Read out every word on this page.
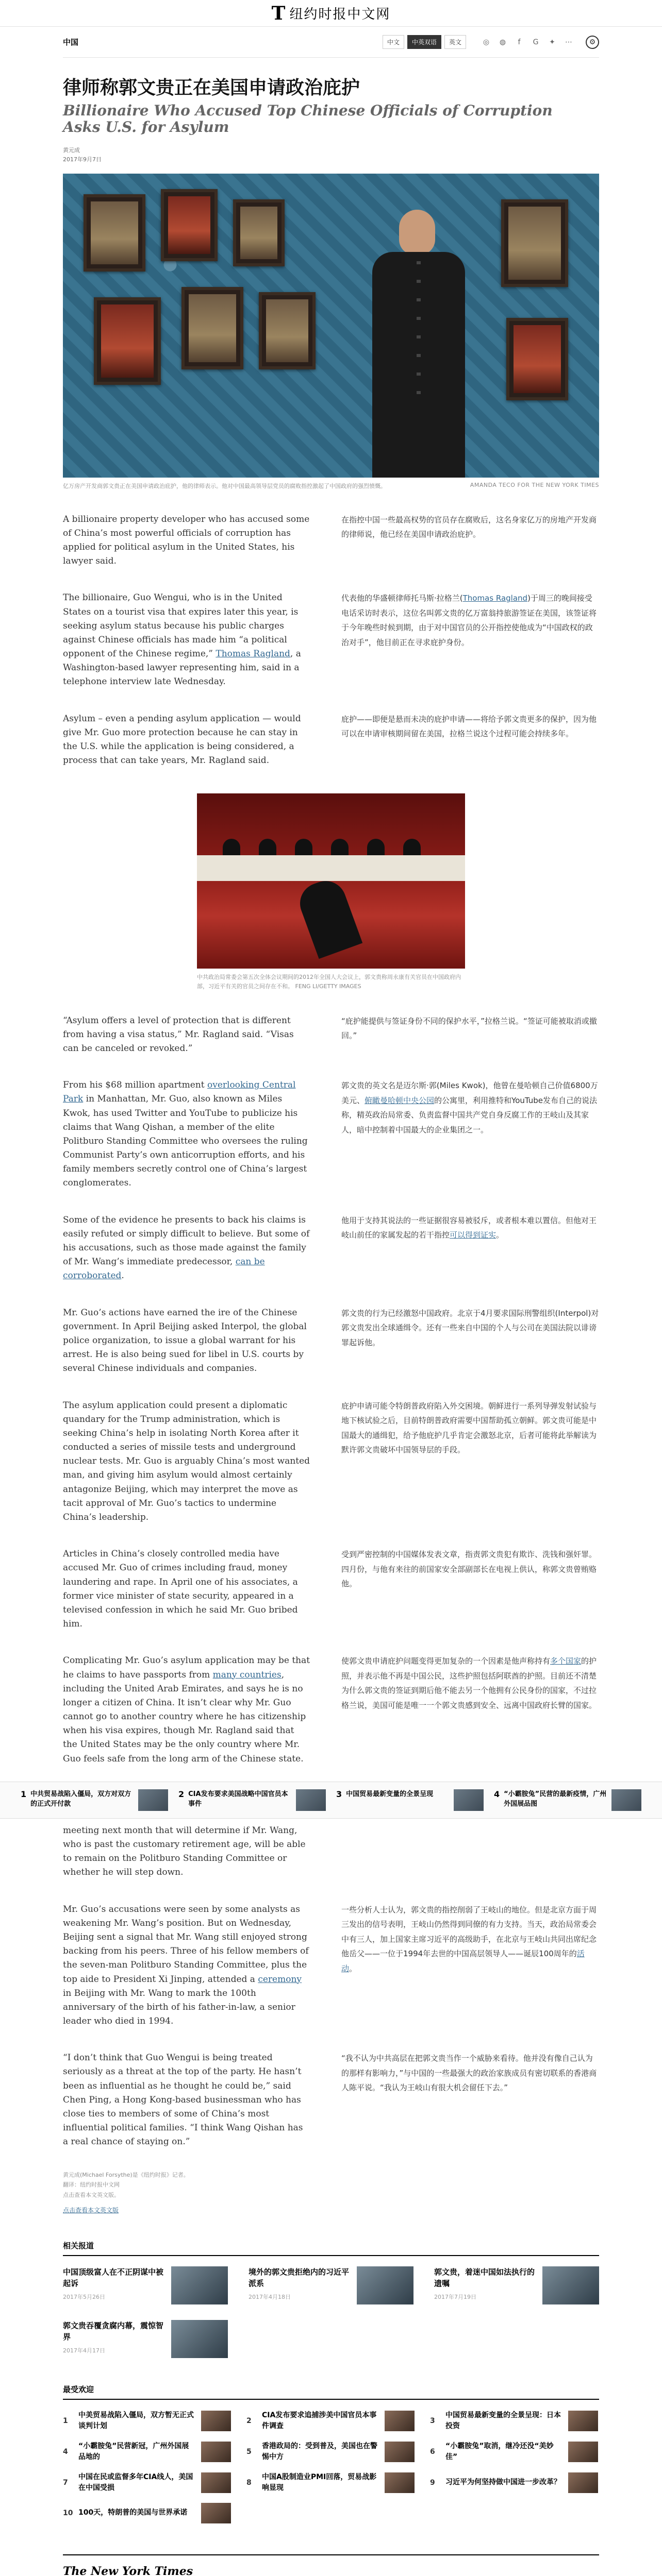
T 纽约时报中文网
中国	中文	中英双语	英文	◎ ◍	f	G ✦ ⋯	⚙
律师称郭文贵正在美国申请政治庇护
Billionaire Who Accused Top Chinese Officials of Corruption Asks U.S. for Asylum
黄元成
2017年9月7日
亿万房产开发商郭文贵正在美国申请政治庇护，他的律师表示。他对中国最高领导层党员的腐败指控激起了中国政府的强烈愤慨。	AMANDA TECO FOR THE NEW YORK TIMES

A billionaire property developer who has accused some of China’s most powerful officials of corruption has applied for political asylum in the United States, his lawyer said.

在指控中国一些最高权势的官员存在腐败后，这名身家亿万的房地产开发商的律师说，他已经在美国申请政治庇护。

The billionaire, Guo Wengui, who is in the United States on a tourist visa that expires later this year, is seeking asylum status because his public charges against Chinese officials has made him “a political opponent of the Chinese regime,” Thomas Ragland, a Washington-based lawyer representing him, said in a telephone interview late Wednesday.

代表他的华盛顿律师托马斯·拉格兰(Thomas Ragland)于周三的晚间接受电话采访时表示，这位名叫郭文贵的亿万富翁持旅游签证在美国，该签证将于今年晚些时候到期，由于对中国官员的公开指控使他成为“中国政权的政治对手”，他目前正在寻求庇护身份。

Asylum – even a pending asylum application — would give Mr. Guo more protection because he can stay in the U.S. while the application is being considered, a process that can take years, Mr. Ragland said.

庇护——即便是悬而未决的庇护申请——将给予郭文贵更多的保护，因为他可以在申请审核期间留在美国，拉格兰说这个过程可能会持续多年。

中共政治局常委会第五次全体会议期间的2012年全国人大会议上，郭文贵称周永康有关官员在中国政府内部，习近平有关的官员之间存在不和。 FENG LI/GETTY IMAGES

“Asylum offers a level of protection that is different from having a visa status,” Mr. Ragland said. “Visas can be canceled or revoked.”

“庇护能提供与签证身份不同的保护水平，”拉格兰说。“签证可能被取消或撤回。”

From his $68 million apartment overlooking Central Park in Manhattan, Mr. Guo, also known as Miles Kwok, has used Twitter and YouTube to publicize his claims that Wang Qishan, a member of the elite Politburo Standing Committee who oversees the ruling Communist Party’s own anticorruption efforts, and his family members secretly control one of China’s largest conglomerates.

郭文贵的英文名是迈尔斯·郭(Miles Kwok)，他曾在曼哈顿自己价值6800万美元、俯瞰曼哈顿中央公园的公寓里，利用推特和YouTube发布自己的说法称，精英政治局常委、负责监督中国共产党自身反腐工作的王岐山及其家人，暗中控制着中国最大的企业集团之一。

Some of the evidence he presents to back his claims is easily refuted or simply difficult to believe. But some of his accusations, such as those made against the family of Mr. Wang’s immediate predecessor, can be corroborated.

他用于支持其说法的一些证据很容易被驳斥，或者根本难以置信。但他对王岐山前任的家属发起的若干指控可以得到证实。

Mr. Guo’s actions have earned the ire of the Chinese government. In April Beijing asked Interpol, the global police organization, to issue a global warrant for his arrest. He is also being sued for libel in U.S. courts by several Chinese individuals and companies.

郭文贵的行为已经激怒中国政府。北京于4月要求国际刑警组织(Interpol)对郭文贵发出全球通缉令。还有一些来自中国的个人与公司在美国法院以诽谤罪起诉他。

The asylum application could present a diplomatic quandary for the Trump administration, which is seeking China’s help in isolating North Korea after it conducted a series of missile tests and underground nuclear tests. Mr. Guo is arguably China’s most wanted man, and giving him asylum would almost certainly antagonize Beijing, which may interpret the move as tacit approval of Mr. Guo’s tactics to undermine China’s leadership.

庇护申请可能令特朗普政府陷入外交困境。朝鲜进行一系列导弹发射试验与地下核试验之后，目前特朗普政府需要中国帮助孤立朝鲜。郭文贵可能是中国最大的通缉犯，给予他庇护几乎肯定会激怒北京，后者可能将此举解读为默许郭文贵破坏中国领导层的手段。

Articles in China’s closely controlled media have accused Mr. Guo of crimes including fraud, money laundering and rape. In April one of his associates, a former vice minister of state security, appeared in a televised confession in which he said Mr. Guo bribed him.

受到严密控制的中国媒体发表文章，指责郭文贵犯有欺诈、洗钱和强奸罪。四月份，与他有来往的前国家安全部副部长在电视上供认，称郭文贵曾贿赂他。

Complicating Mr. Guo’s asylum application may be that he claims to have passports from many countries, including the United Arab Emirates, and says he is no longer a citizen of China. It isn’t clear why Mr. Guo cannot go to another country where he has citizenship when his visa expires, though Mr. Ragland said that the United States may be the only country where Mr. Guo feels safe from the long arm of the Chinese state.

使郭文贵申请庇护问题变得更加复杂的一个因素是他声称持有多个国家的护照，并表示他不再是中国公民，这些护照包括阿联酋的护照。目前还不清楚为什么郭文贵的签证到期后他不能去另一个他拥有公民身份的国家，不过拉格兰说，美国可能是唯一一个郭文贵感到安全、远离中国政府长臂的国家。

1 中共贸易战陷入僵局，双方对双方的正式开付款
2 CIA发布要求美国战略中国官员本事件
3 中国贸易最新变量的全景呈现	4 “小霸胺兔”民营的最新疫情，广州外国展品图

meeting next month that will determine if Mr. Wang, who is past the customary retirement age, will be able to remain on the Politburo Standing Committee or whether he will step down.

Mr. Guo’s accusations were seen by some analysts as weakening Mr. Wang’s position. But on Wednesday, Beijing sent a signal that Mr. Wang still enjoyed strong backing from his peers. Three of his fellow members of the seven-man Politburo Standing Committee, plus the top aide to President Xi Jinping, attended a ceremony in Beijing with Mr. Wang to mark the 100th anniversary of the birth of his father-in-law, a senior leader who died in 1994.

一些分析人士认为，郭文贵的指控削弱了王岐山的地位。但是北京方面于周三发出的信号表明，王岐山仍然得到同僚的有力支持。当天，政治局常委会中有三人，加上国家主席习近平的高级助手，在北京与王岐山共同出席纪念他岳父——一位于1994年去世的中国高层领导人——诞辰100周年的活动。

“I don’t think that Guo Wengui is being treated seriously as a threat at the top of the party. He hasn’t been as influential as he thought he could be,” said Chen Ping, a Hong Kong-based businessman who has close ties to members of some of China’s most influential political families. “I think Wang Qishan has a real chance of staying on.”

“我不认为中共高层在把郭文贵当作一个威胁来看待。他并没有像自己认为的那样有影响力，”与中国的一些最强大的政治家族成员有密切联系的香港商人陈平说。“我认为王岐山有很大机会留任下去。”

黄元成(Michael Forsythe)是《纽约时报》记者。
翻译：纽约时报中文网
点击查看本文英文版。
点击查看本文英文版
相关报道
中国顶级富人在不正阴谋中被起诉
2017年5月26日
境外的郭文贵拒绝内的习近平派系
2017年4月18日
郭文贵，着迷中国如法执行的遗嘱
2017年7月19日
郭文贵吞覆贪腐内幕，震惊智界
2017年4月17日
最受欢迎
1
中美贸易战陷入僵局，双方暂无正式谈判计划
2
CIA发布要求追捕涉美中国官员本事件调查
3
中国贸易最新变量的全景呈现：日本投资
4
“小霸胺兔”民营新冠，广州外国展品地的
5
香港政局的：受到普及，美国也在警惕中方
6
“小霸胺兔”取消，继冷还没“美妙佳”
7
中国在民或监督多年CIA线人，美国在中国受损
8
中国A股制造业PMI回落，贸易战影响显现
9	习近平为何坚持做中国进一步改革？
10 100天，特朗普的美国与世界承诺
The New York Times
